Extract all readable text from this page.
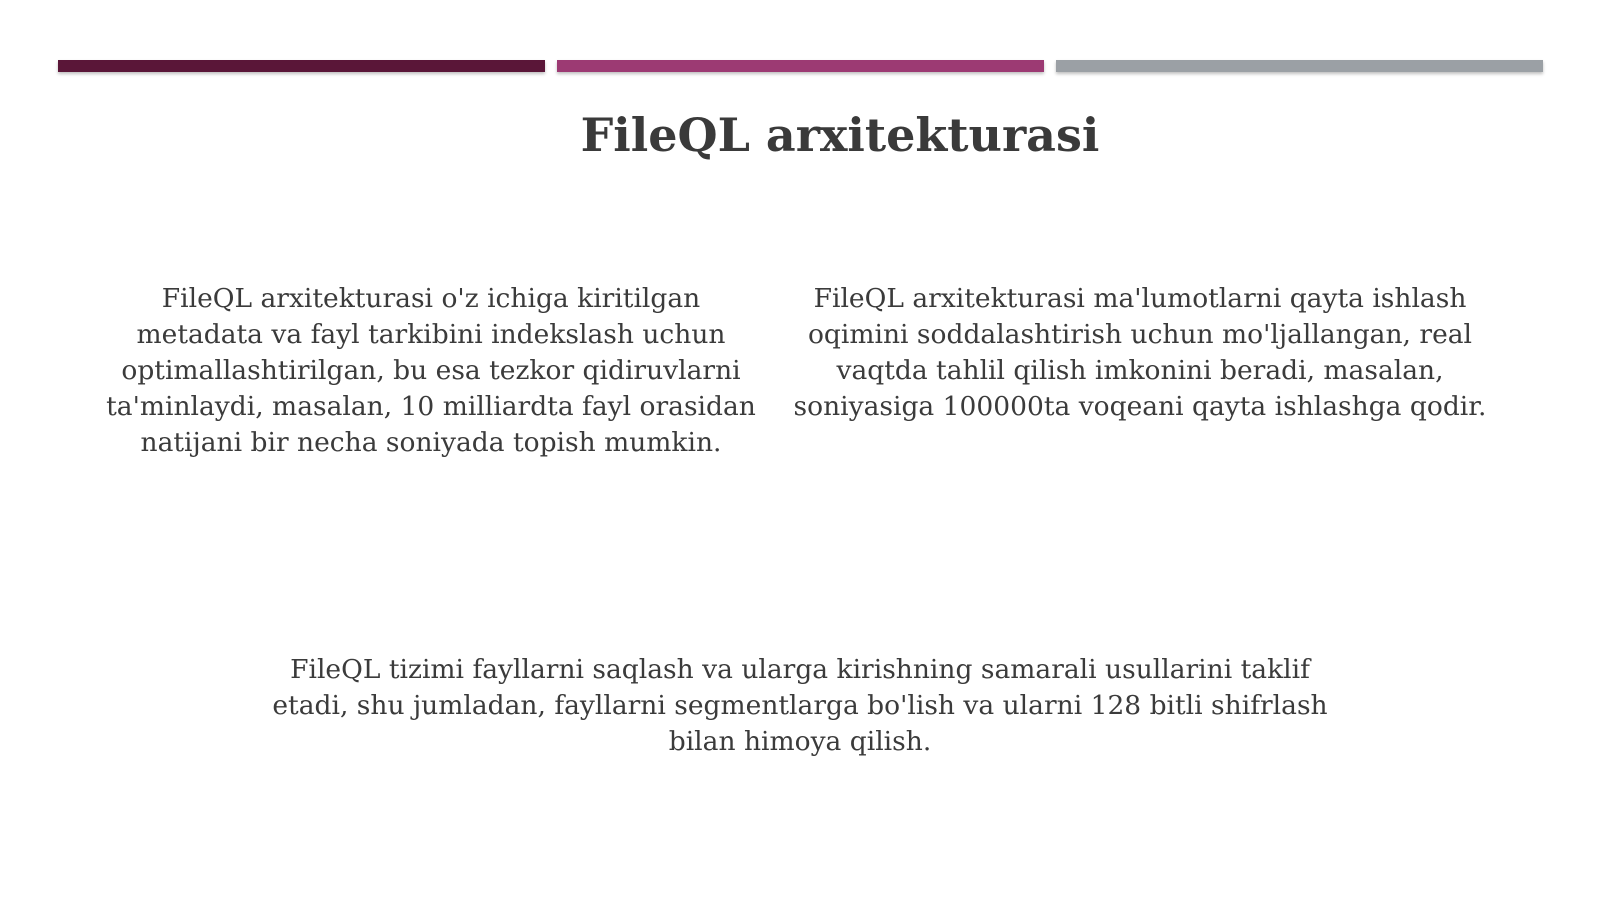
FileQL arxitekturasi

FileQL arxitekturasi o'z ichiga kiritilgan metadata va fayl tarkibini indekslash uchun optimallashtirilgan, bu esa tezkor qidiruvlarni ta'minlaydi, masalan, 10 milliardta fayl orasidan natijani bir necha soniyada topish mumkin.

FileQL arxitekturasi ma'lumotlarni qayta ishlash oqimini soddalashtirish uchun mo'ljallangan, real vaqtda tahlil qilish imkonini beradi, masalan, soniyasiga 100000ta voqeani qayta ishlashga qodir.

FileQL tizimi fayllarni saqlash va ularga kirishning samarali usullarini taklif etadi, shu jumladan, fayllarni segmentlarga bo'lish va ularni 128 bitli shifrlash bilan himoya qilish.
